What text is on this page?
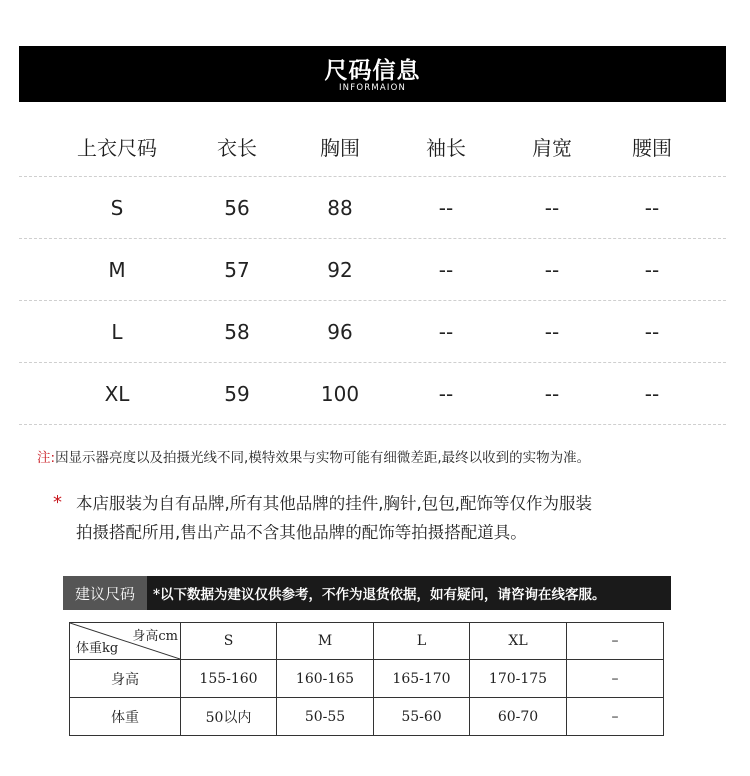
尺码信息
INFORMAION
上衣尺码	衣长	胸围	袖长	肩宽	腰围
S	56	88	--	--	--
M	57	92	--	--	--
L	58	96	--	--	--
XL	59	100	--	--	--
注:因显示器亮度以及拍摄光线不同,模特效果与实物可能有细微差距,最终以收到的实物为准。
* 本店服装为自有品牌,所有其他品牌的挂件,胸针,包包,配饰等仅作为服装
拍摄搭配所用,售出产品不含其他品牌的配饰等拍摄搭配道具。
建议尺码	*以下数据为建议仅供参考，不作为退货依据，如有疑问，请咨询在线客服。
身高cm
体重kg	S	M	L	XL	–
身高	155-160	160-165	165-170	170-175	–
体重	50以内	50-55	55-60	60-70	–
